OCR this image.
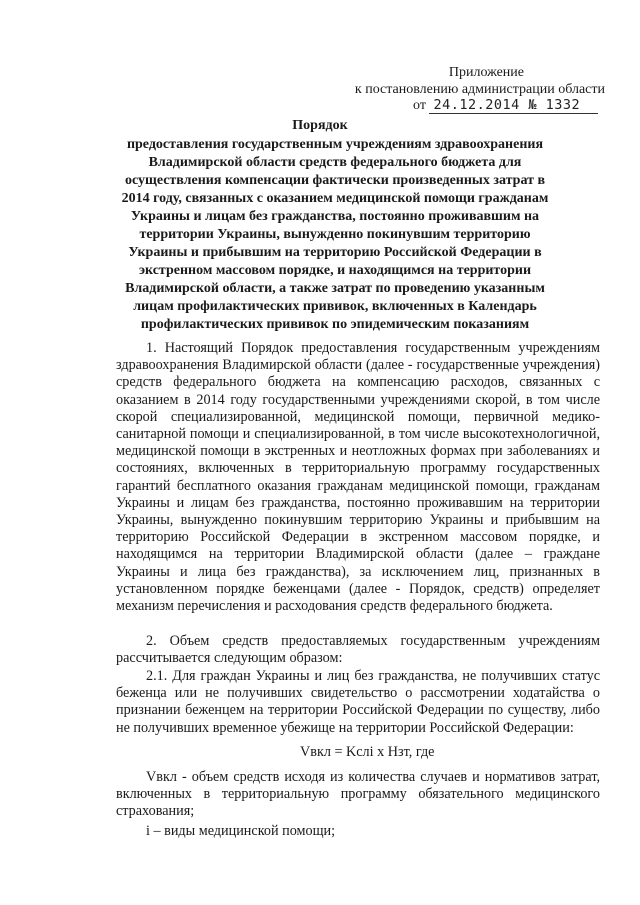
Приложение
к постановлению администрации области
от 24.12.2014 № 1332
Порядок
предоставления государственным учреждениям здравоохранения Владимирской области средств федерального бюджета для осуществления компенсации фактически произведенных затрат в 2014 году, связанных с оказанием медицинской помощи гражданам Украины и лицам без гражданства, постоянно проживавшим на территории Украины, вынужденно покинувшим территорию Украины и прибывшим на территорию Российской Федерации в экстренном массовом порядке, и находящимся на территории Владимирской области, а также затрат по проведению указанным лицам профилактических прививок, включенных в Календарь профилактических прививок по эпидемическим показаниям
1. Настоящий Порядок предоставления государственным учреждениям здравоохранения Владимирской области (далее - государственные учреждения) средств федерального бюджета на компенсацию расходов, связанных с оказанием в 2014 году государственными учреждениями скорой, в том числе скорой специализированной, медицинской помощи, первичной медико-санитарной помощи и специализированной, в том числе высокотехнологичной, медицинской помощи в экстренных и неотложных формах при заболеваниях и состояниях, включенных в территориальную программу государственных гарантий бесплатного оказания гражданам медицинской помощи, гражданам Украины и лицам без гражданства, постоянно проживавшим на территории Украины, вынужденно покинувшим территорию Украины и прибывшим на территорию Российской Федерации в экстренном массовом порядке, и находящимся на территории Владимирской области (далее – граждане Украины и лица без гражданства), за исключением лиц, признанных в установленном порядке беженцами (далее - Порядок, средств) определяет механизм перечисления и расходования средств федерального бюджета.
2. Объем средств предоставляемых государственным учреждениям рассчитывается следующим образом:
2.1. Для граждан Украины и лиц без гражданства, не получивших статус беженца или не получивших свидетельство о рассмотрении ходатайства о признании беженцем на территории Российской Федерации по существу, либо не получивших временное убежище на территории Российской Федерации:
Vвкл = Kслi x Hзт, где
Vвкл - объем средств исходя из количества случаев и нормативов затрат, включенных в территориальную программу обязательного медицинского страхования;
i – виды медицинской помощи;
